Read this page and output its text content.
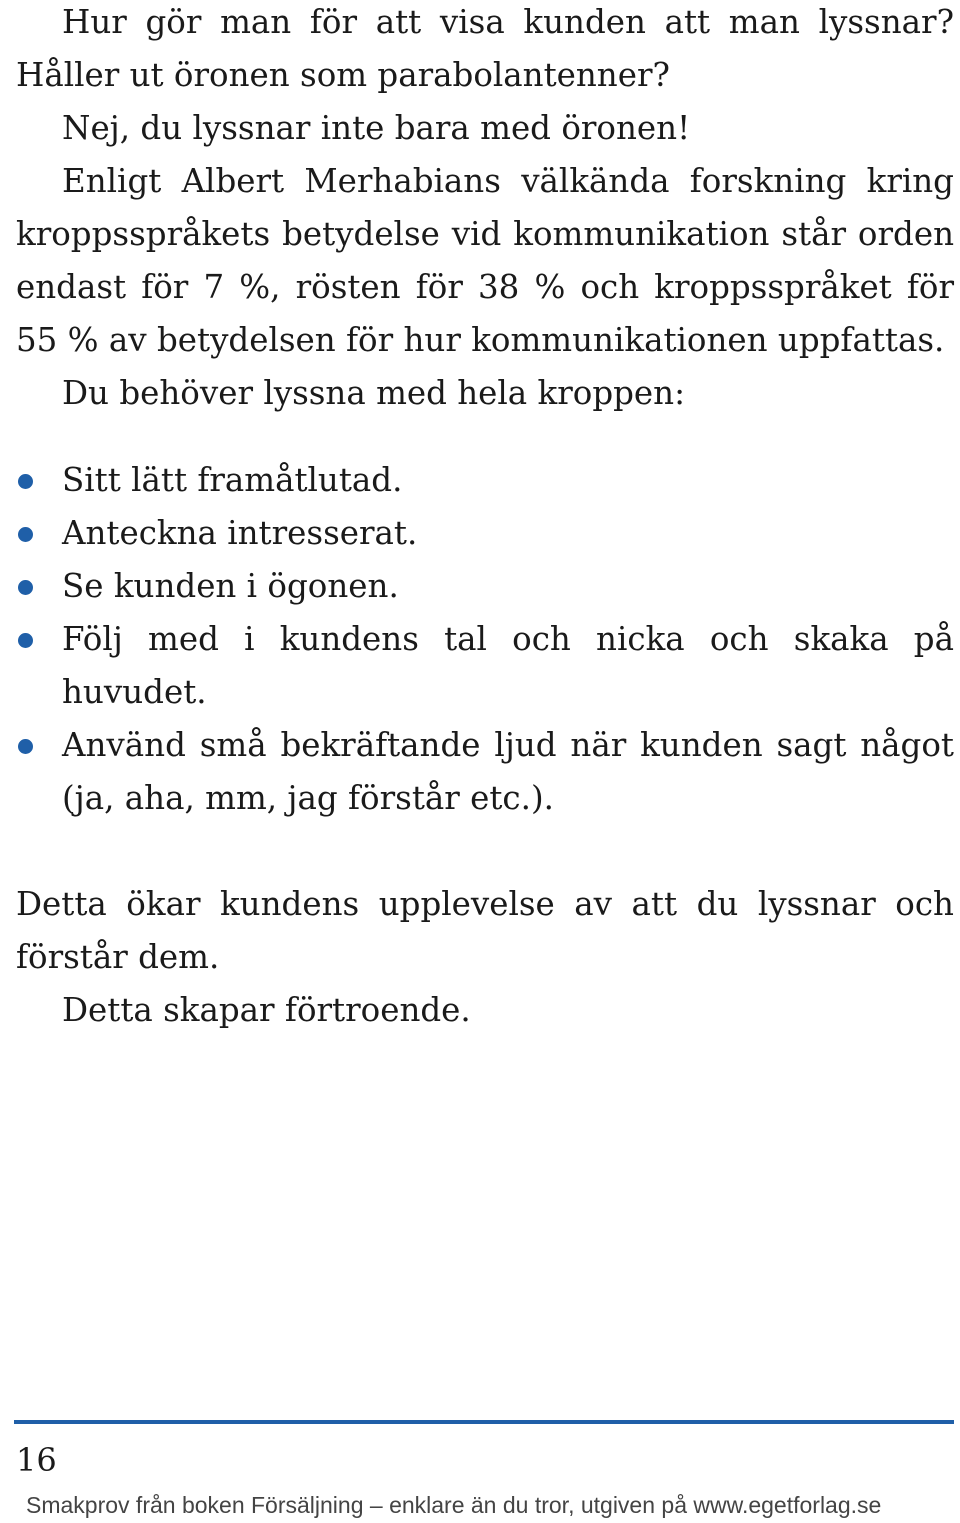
Hur gör man för att visa kunden att man lyssnar? Håller ut öronen som parabolantenner?

Nej, du lyssnar inte bara med öronen!

Enligt Albert Merhabians välkända forskning kring kroppsspråkets betydelse vid kommunikation står orden endast för 7 %, rösten för 38 % och kroppsspråket för 55 % av betydelsen för hur kommunikationen uppfattas.

Du behöver lyssna med hela kroppen:

Sitt lätt framåtlutad.
Anteckna intresserat.
Se kunden i ögonen.
Följ med i kundens tal och nicka och skaka på huvudet.
Använd små bekräftande ljud när kunden sagt något (ja, aha, mm, jag förstår etc.).

Detta ökar kundens upplevelse av att du lyssnar och förstår dem.

Detta skapar förtroende.

16
Smakprov från boken Försäljning – enklare än du tror, utgiven på www.egetforlag.se
